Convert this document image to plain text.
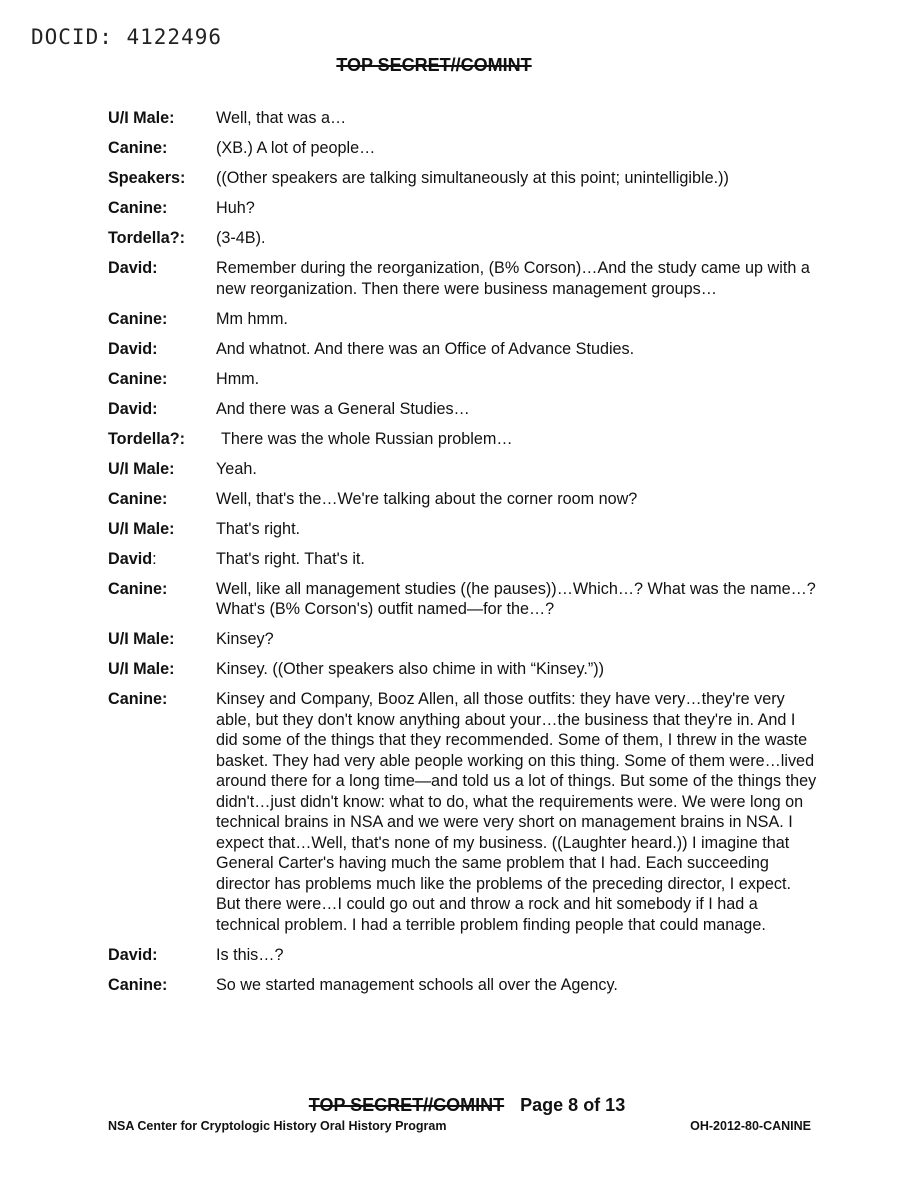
DOCID: 4122496
TOP SECRET//COMINT
U/I Male:	Well, that was a…
Canine:	(XB.) A lot of people…
Speakers:	((Other speakers are talking simultaneously at this point; unintelligible.))
Canine:	Huh?
Tordella?:	(3-4B).
David:	Remember during the reorganization, (B% Corson)…And the study came up with a new reorganization. Then there were business management groups…
Canine:	Mm hmm.
David:	And whatnot. And there was an Office of Advance Studies.
Canine:	Hmm.
David:	And there was a General Studies…
Tordella?:	There was the whole Russian problem…
U/I Male:	Yeah.
Canine:	Well, that's the…We're talking about the corner room now?
U/I Male:	That's right.
David:	That's right. That's it.
Canine:	Well, like all management studies ((he pauses))…Which…? What was the name…? What's (B% Corson's) outfit named—for the…?
U/I Male:	Kinsey?
U/I Male:	Kinsey. ((Other speakers also chime in with “Kinsey.”))
Canine:	Kinsey and Company, Booz Allen, all those outfits: they have very…they're very able, but they don't know anything about your…the business that they're in. And I did some of the things that they recommended. Some of them, I threw in the waste basket. They had very able people working on this thing. Some of them were…lived around there for a long time—and told us a lot of things. But some of the things they didn't…just didn't know: what to do, what the requirements were. We were long on technical brains in NSA and we were very short on management brains in NSA. I expect that…Well, that's none of my business. ((Laughter heard.)) I imagine that General Carter's having much the same problem that I had. Each succeeding director has problems much like the problems of the preceding director, I expect. But there were…I could go out and throw a rock and hit somebody if I had a technical problem. I had a terrible problem finding people that could manage.
David:	Is this…?
Canine:	So we started management schools all over the Agency.
TOP SECRET//COMINT Page 8 of 13
NSA Center for Cryptologic History Oral History Program	OH-2012-80-CANINE
